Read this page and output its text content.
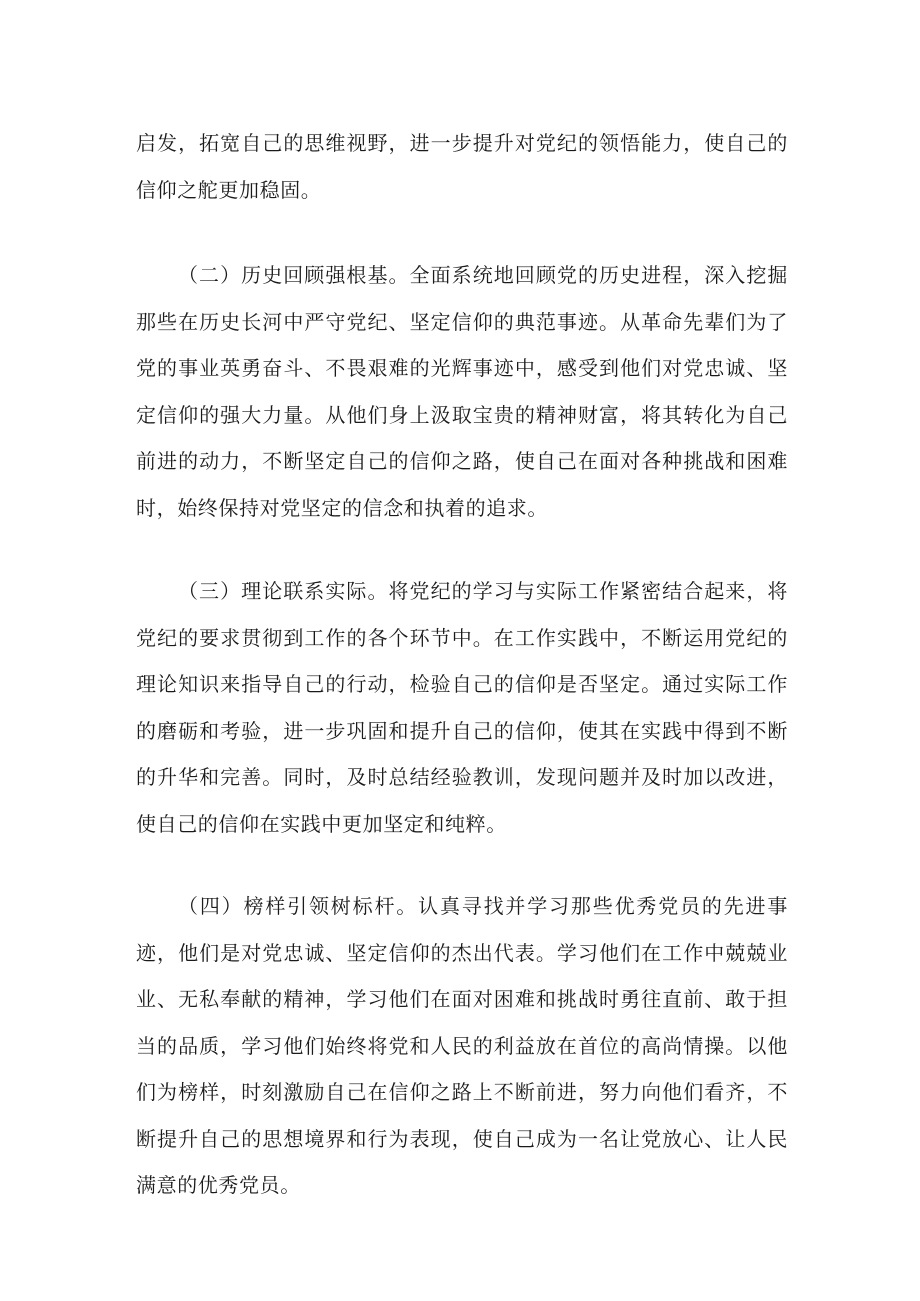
启发，拓宽自己的思维视野，进一步提升对党纪的领悟能力，使自己的信仰之舵更加稳固。

（二）历史回顾强根基。全面系统地回顾党的历史进程，深入挖掘那些在历史长河中严守党纪、坚定信仰的典范事迹。从革命先辈们为了党的事业英勇奋斗、不畏艰难的光辉事迹中，感受到他们对党忠诚、坚定信仰的强大力量。从他们身上汲取宝贵的精神财富，将其转化为自己前进的动力，不断坚定自己的信仰之路，使自己在面对各种挑战和困难时，始终保持对党坚定的信念和执着的追求。

（三）理论联系实际。将党纪的学习与实际工作紧密结合起来，将党纪的要求贯彻到工作的各个环节中。在工作实践中，不断运用党纪的理论知识来指导自己的行动，检验自己的信仰是否坚定。通过实际工作的磨砺和考验，进一步巩固和提升自己的信仰，使其在实践中得到不断的升华和完善。同时，及时总结经验教训，发现问题并及时加以改进，使自己的信仰在实践中更加坚定和纯粹。

（四）榜样引领树标杆。认真寻找并学习那些优秀党员的先进事迹，他们是对党忠诚、坚定信仰的杰出代表。学习他们在工作中兢兢业业、无私奉献的精神，学习他们在面对困难和挑战时勇往直前、敢于担当的品质，学习他们始终将党和人民的利益放在首位的高尚情操。以他们为榜样，时刻激励自己在信仰之路上不断前进，努力向他们看齐，不断提升自己的思想境界和行为表现，使自己成为一名让党放心、让人民满意的优秀党员。
